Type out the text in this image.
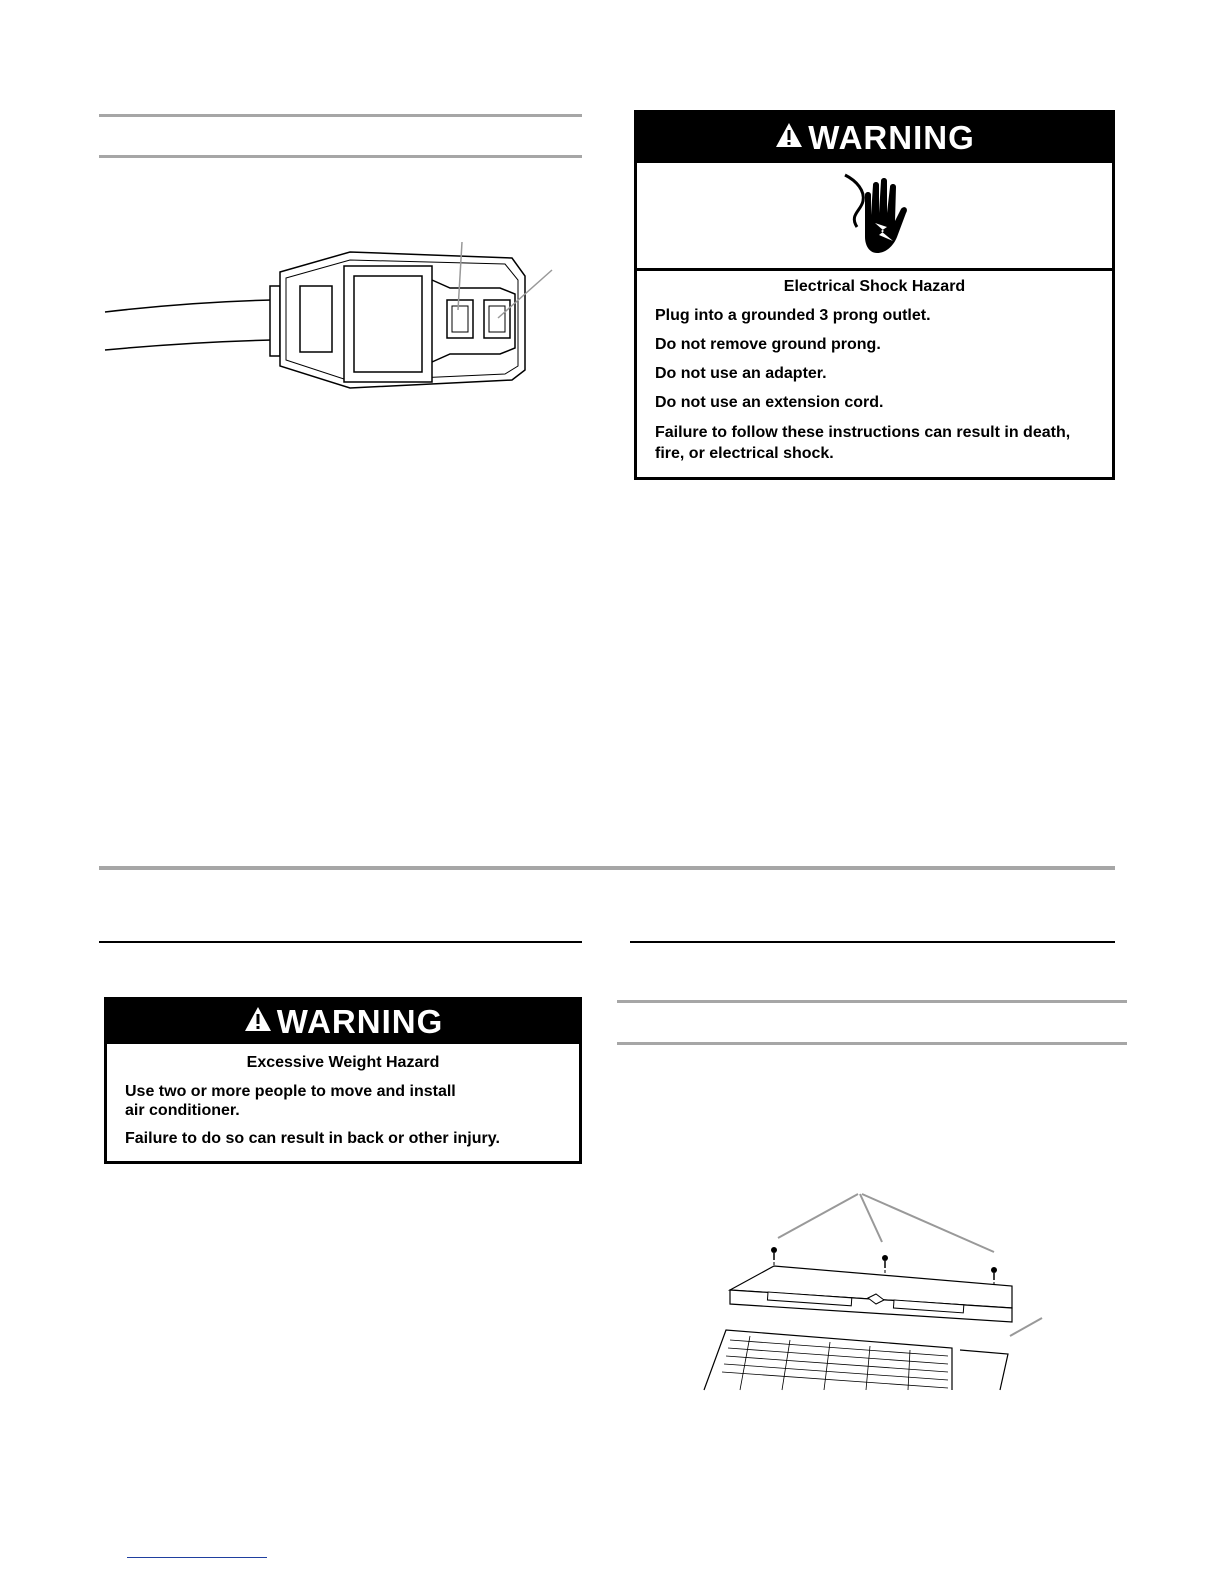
WARNING
Electrical Shock Hazard
Plug into a grounded 3 prong outlet.
Do not remove ground prong.
Do not use an adapter.
Do not use an extension cord.
Failure to follow these instructions can result in death,
fire, or electrical shock.
WARNING
Excessive Weight Hazard
Use two or more people to move and install
air conditioner.
Failure to do so can result in back or other injury.
